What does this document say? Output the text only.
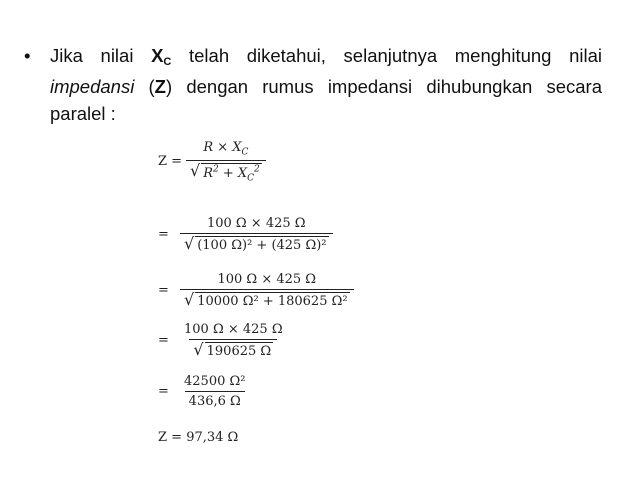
•	Jika nilai XC telah diketahui, selanjutnya menghitung nilai impedansi (Z) dengan rumus impedansi dihubungkan secara paralel :
$Z = \frac{R \times X_C}{√ R^2 + X_C^2}$
= $\frac{100 \Omega \times 425 \Omega}{\text{√ (100 Ω)² + (425 Ω)²}}$
= $\frac{100 \Omega \times 425 \Omega}{\text{√ 10000 Ω² + 180625 Ω²}}$
= $\frac{100 \Omega \times 425 \Omega}{√ 190625 \Omega}$
= $\frac{\text{42500 Ω²}}{436,6 \Omega}$
Z = 97,34 Ω
